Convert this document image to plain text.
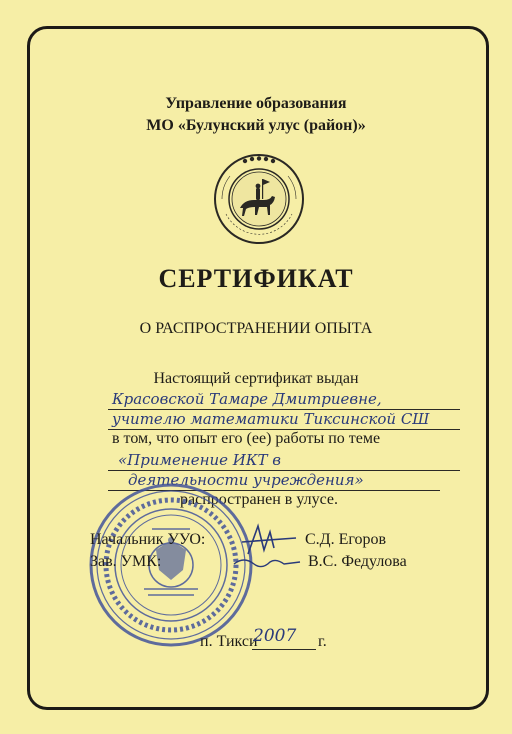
Управление образования
МО «Булунский улус (район)»
СЕРТИФИКАТ
О РАСПРОСТРАНЕНИИ ОПЫТА
Настоящий сертификат выдан
Красовской Тамаре Дмитриевне,
учителю математики Тиксинской СШ
в том, что опыт его (ее) работы по теме
«Применение ИКТ в
деятельности учреждения»
распространен в улусе.
Начальник УУО:	С.Д. Егоров
Зав. УМК:	В.С. Федулова
п. Тикси
2007 г.
